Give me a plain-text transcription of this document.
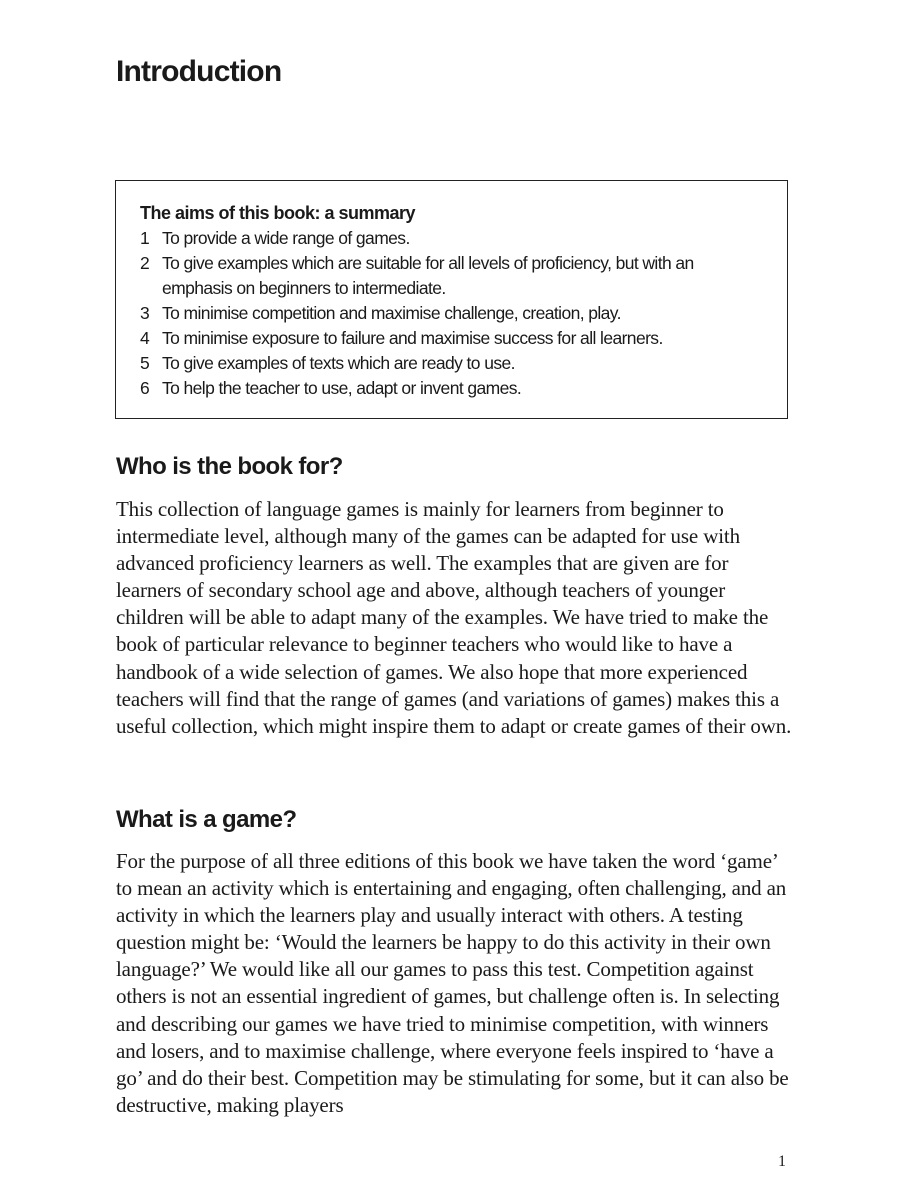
Introduction

The aims of this book: a summary

1 To provide a wide range of games.
2 To give examples which are suitable for all levels of proficiency, but with an emphasis on beginners to intermediate.
3 To minimise competition and maximise challenge, creation, play.
4 To minimise exposure to failure and maximise success for all learners.
5 To give examples of texts which are ready to use.
6 To help the teacher to use, adapt or invent games.
Who is the book for?

This collection of language games is mainly for learners from beginner to intermediate level, although many of the games can be adapted for use with advanced proficiency learners as well. The examples that are given are for learners of secondary school age and above, although teachers of younger children will be able to adapt many of the examples. We have tried to make the book of particular relevance to beginner teachers who would like to have a handbook of a wide selection of games. We also hope that more experienced teachers will find that the range of games (and variations of games) makes this a useful collection, which might inspire them to adapt or create games of their own.

What is a game?

For the purpose of all three editions of this book we have taken the word ‘game’ to mean an activity which is entertaining and engaging, often challenging, and an activity in which the learners play and usually interact with others. A testing question might be: ‘Would the learners be happy to do this activity in their own language?’ We would like all our games to pass this test. Competition against others is not an essential ingredient of games, but challenge often is. In selecting and describing our games we have tried to minimise competition, with winners and losers, and to maximise challenge, where everyone feels inspired to ‘have a go’ and do their best. Competition may be stimulating for some, but it can also be destructive, making players

1
